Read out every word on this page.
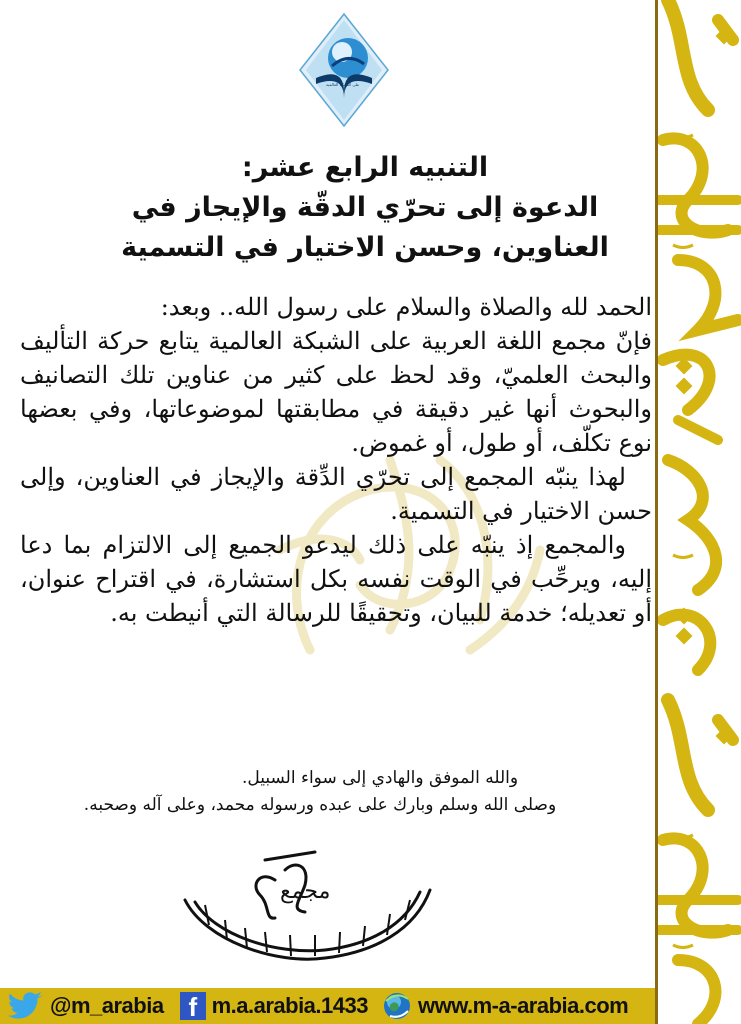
على الشبكة العالمية
التنبيه الرابع عشر:
الدعوة إلى تحرّي الدقّة والإيجاز في
العناوين، وحسن الاختيار في التسمية

الحمد لله والصلاة والسلام على رسول الله.. وبعد:

فإنّ مجمع اللغة العربية على الشبكة العالمية يتابع حركة التأليف والبحث العلميّ، وقد لحظ على كثير من عناوين تلك التصانيف والبحوث أنها غير دقيقة في مطابقتها لموضوعاتها، وفي بعضها نوع تكلّف، أو طول، أو غموض.

لهذا ينبّه المجمع إلى تحرّي الدِّقة والإيجاز في العناوين، وإلى حسن الاختيار في التسمية.

والمجمع إذ ينبّه على ذلك ليدعو الجميع إلى الالتزام بما دعا إليه، ويرحِّب في الوقت نفسه بكل استشارة، في اقتراح عنوان، أو تعديله؛ خدمة للبيان، وتحقيقًا للرسالة التي أنيطت به.

والله الموفق والهادي إلى سواء السبيل.
وصلى الله وسلم وبارك على عبده ورسوله محمد، وعلى آله وصحبه.
مجمع
@m_arabia f m.a.arabia.1433 www.m-a-arabia.com
